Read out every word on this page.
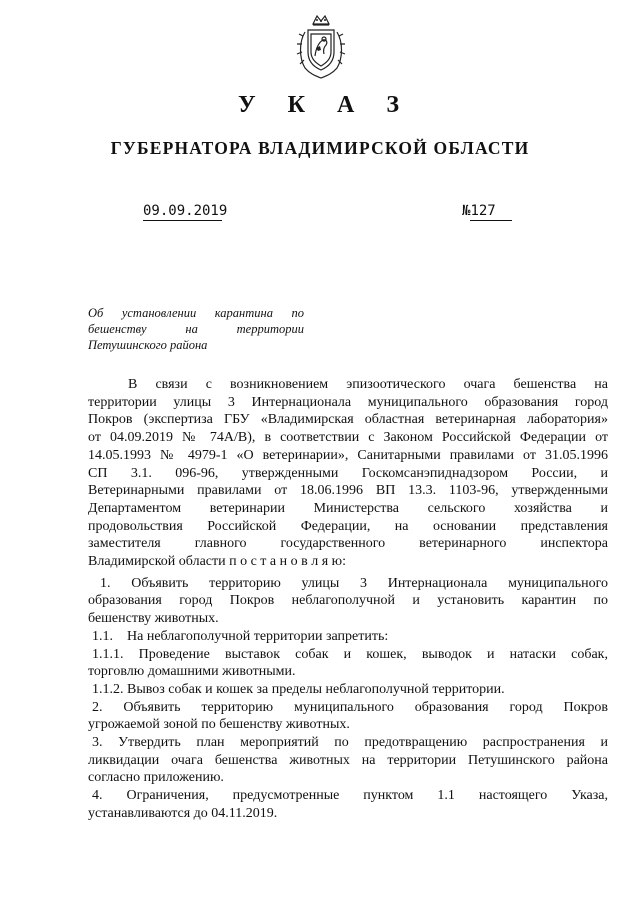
У К А З
ГУБЕРНАТОРА ВЛАДИМИРСКОЙ ОБЛАСТИ
09.09.2019	№127
Об установлении карантина по
бешенству на территории
Петушинского района
В связи с возникновением эпизоотического очага бешенства на
территории улицы 3 Интернационала муниципального образования город
Покров (экспертиза ГБУ «Владимирская областная ветеринарная лаборатория»
от 04.09.2019 № 74А/В), в соответствии с Законом Российской Федерации от
14.05.1993 № 4979-1 «О ветеринарии», Санитарными правилами от 31.05.1996
СП 3.1. 096-96, утвержденными Госкомсанэпиднадзором России, и
Ветеринарными правилами от 18.06.1996 ВП 13.3. 1103-96, утвержденными
Департаментом ветеринарии Министерства сельского хозяйства и
продовольствия Российской Федерации, на основании представления
заместителя главного государственного ветеринарного инспектора
Владимирской области п о с т а н о в л я ю:
1. Объявить территорию улицы 3 Интернационала муниципального
образования город Покров неблагополучной и установить карантин по
бешенству животных.
1.1.    На неблагополучной территории запретить:
1.1.1. Проведение выставок собак и кошек, выводок и натаски собак,
торговлю домашними животными.
1.1.2. Вывоз собак и кошек за пределы неблагополучной территории.
2. Объявить территорию муниципального образования город Покров
угрожаемой зоной по бешенству животных.
3. Утвердить план мероприятий по предотвращению распространения и
ликвидации очага бешенства животных на территории Петушинского района
согласно приложению.
4. Ограничения, предусмотренные пунктом 1.1 настоящего Указа,
устанавливаются до 04.11.2019.
